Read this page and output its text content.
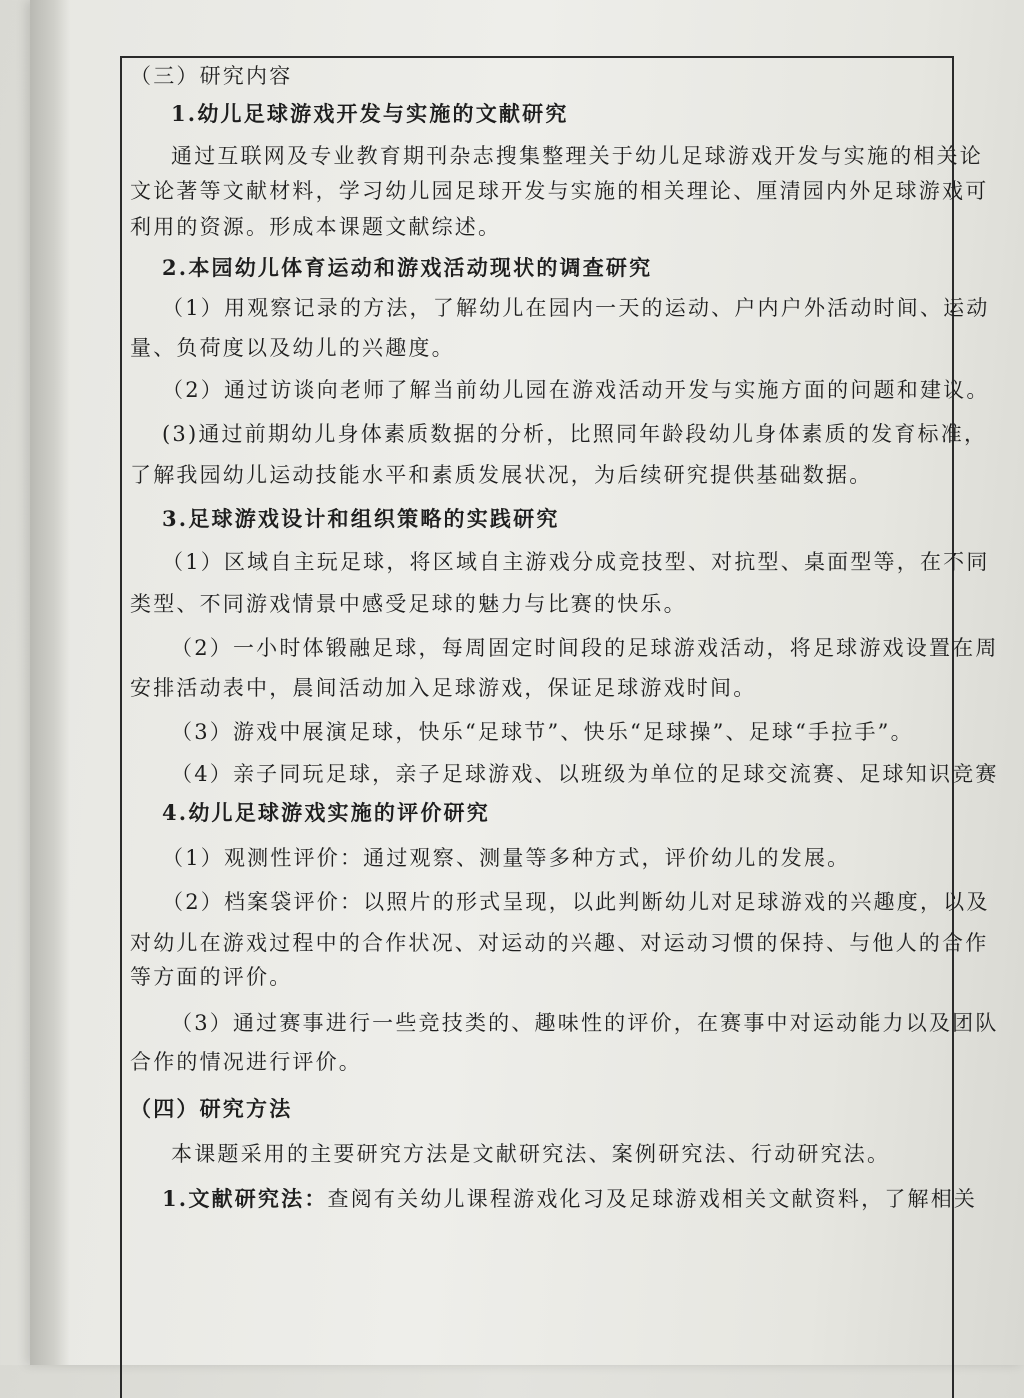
（三）研究内容
1.幼儿足球游戏开发与实施的文献研究
通过互联网及专业教育期刊杂志搜集整理关于幼儿足球游戏开发与实施的相关论
文论著等文献材料，学习幼儿园足球开发与实施的相关理论、厘清园内外足球游戏可
利用的资源。形成本课题文献综述。
2.本园幼儿体育运动和游戏活动现状的调查研究
（1）用观察记录的方法，了解幼儿在园内一天的运动、户内户外活动时间、运动
量、负荷度以及幼儿的兴趣度。
（2）通过访谈向老师了解当前幼儿园在游戏活动开发与实施方面的问题和建议。
(3)通过前期幼儿身体素质数据的分析，比照同年龄段幼儿身体素质的发育标准，
了解我园幼儿运动技能水平和素质发展状况，为后续研究提供基础数据。
3.足球游戏设计和组织策略的实践研究
（1）区域自主玩足球，将区域自主游戏分成竞技型、对抗型、桌面型等，在不同
类型、不同游戏情景中感受足球的魅力与比赛的快乐。
（2）一小时体锻融足球，每周固定时间段的足球游戏活动，将足球游戏设置在周
安排活动表中，晨间活动加入足球游戏，保证足球游戏时间。
（3）游戏中展演足球，快乐“足球节”、快乐“足球操”、足球“手拉手”。
（4）亲子同玩足球，亲子足球游戏、以班级为单位的足球交流赛、足球知识竞赛
4.幼儿足球游戏实施的评价研究
（1）观测性评价：通过观察、测量等多种方式，评价幼儿的发展。
（2）档案袋评价：以照片的形式呈现，以此判断幼儿对足球游戏的兴趣度，以及
对幼儿在游戏过程中的合作状况、对运动的兴趣、对运动习惯的保持、与他人的合作
等方面的评价。
（3）通过赛事进行一些竞技类的、趣味性的评价，在赛事中对运动能力以及团队
合作的情况进行评价。
（四）研究方法
本课题采用的主要研究方法是文献研究法、案例研究法、行动研究法。
1.文献研究法：查阅有关幼儿课程游戏化习及足球游戏相关文献资料，了解相关
